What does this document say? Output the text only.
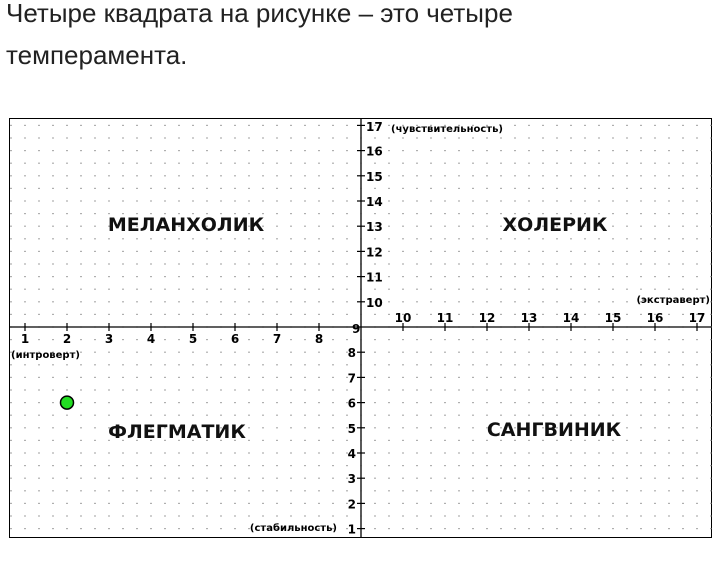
Четыре квадрата на рисунке – это четыре
темперамента.
1	2	3	4	5	6	7	8
10 11 12 13 14 15 16 17
17
16
15
14
13
12
11
10
8
7
6
5
4
3
2
1
9
(чувствительность)
(экстраверт)
(интроверт)
(стабильность)
МЕЛАНХОЛИК	ХОЛЕРИК
ФЛЕГМАТИК	САНГВИНИК
